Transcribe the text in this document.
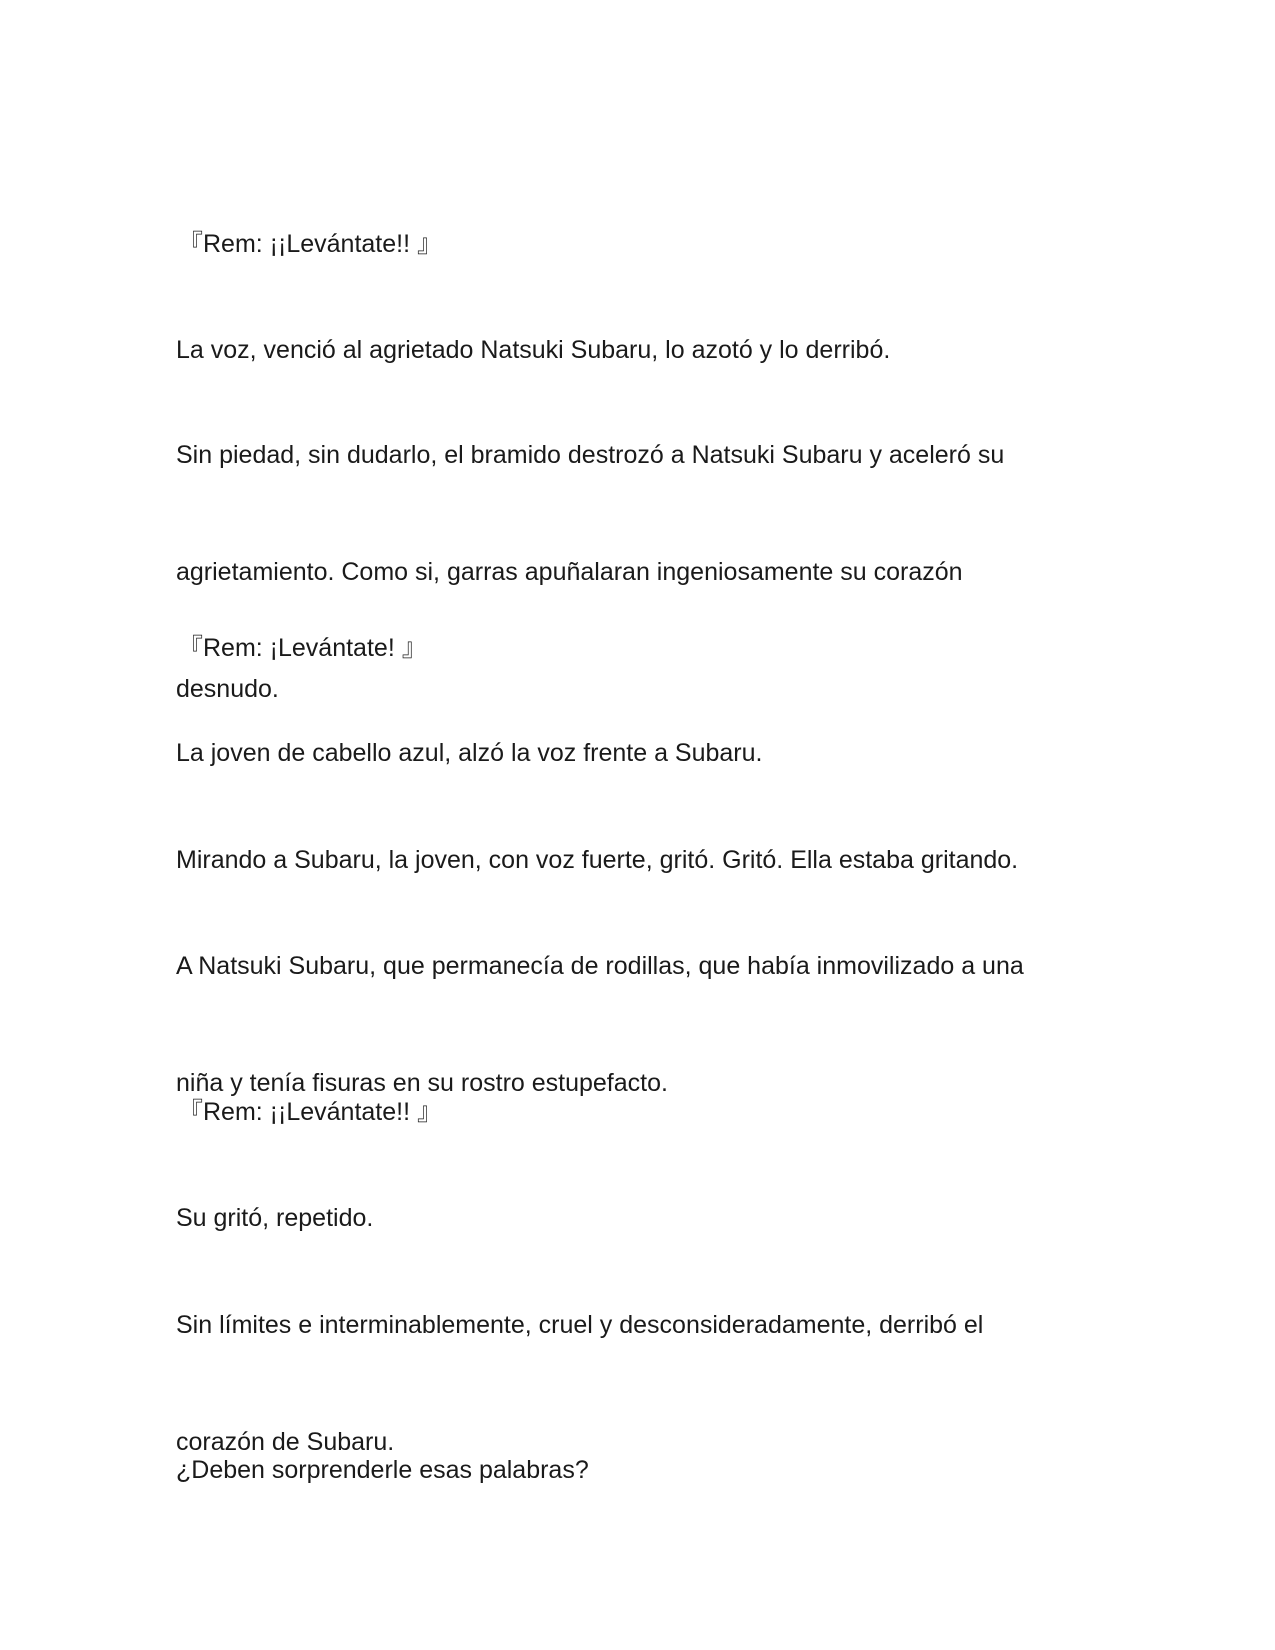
『Rem: ¡¡Levántate!! 』

La voz, venció al agrietado Natsuki Subaru, lo azotó y lo derribó.

Sin piedad, sin dudarlo, el bramido destrozó a Natsuki Subaru y aceleró su

agrietamiento. Como si, garras apuñalaran ingeniosamente su corazón

desnudo.

『Rem: ¡Levántate! 』

La joven de cabello azul, alzó la voz frente a Subaru.

Mirando a Subaru, la joven, con voz fuerte, gritó. Gritó. Ella estaba gritando.

A Natsuki Subaru, que permanecía de rodillas, que había inmovilizado a una

niña y tenía fisuras en su rostro estupefacto.

『Rem: ¡¡Levántate!! 』

Su gritó, repetido.

Sin límites e interminablemente, cruel y desconsideradamente, derribó el

corazón de Subaru.

¿Deben sorprenderle esas palabras?
